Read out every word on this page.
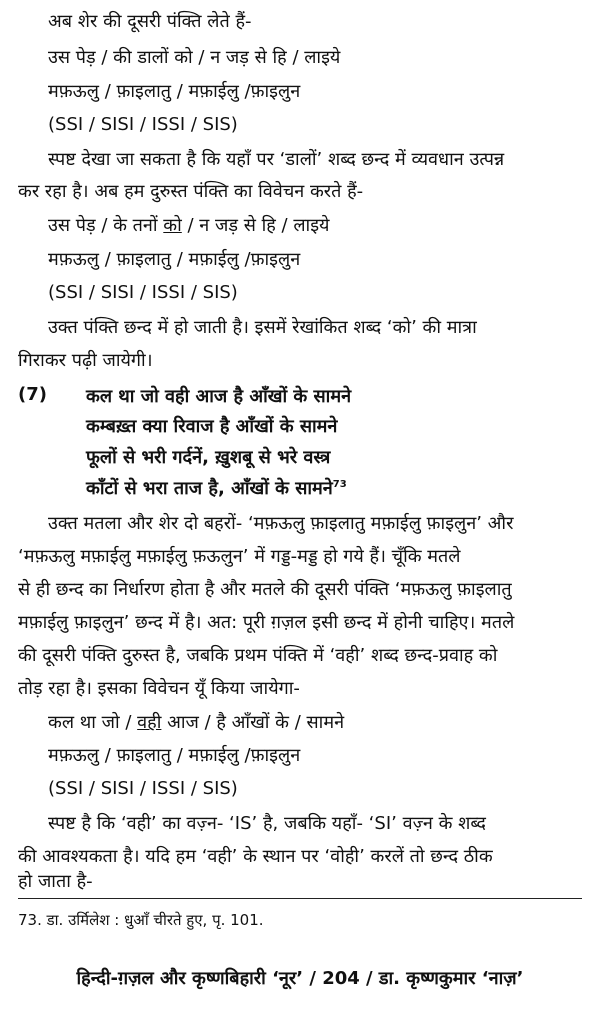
अब शेर की दूसरी पंक्ति लेते हैं-
उस पेड़ / की डालों को / न जड़ से हि / लाइये
मफ़ऊलु / फ़ाइलातु / मफ़ाईलु /फ़ाइलुन
(SSI / SISI / ISSI / SIS)
स्पष्ट देखा जा सकता है कि यहाँ पर ‘डालों’ शब्द छन्द में व्यवधान उत्पन्न
कर रहा है। अब हम दुरुस्त पंक्ति का विवेचन करते हैं-
उस पेड़ / के तनों को / न जड़ से हि / लाइये
मफ़ऊलु / फ़ाइलातु / मफ़ाईलु /फ़ाइलुन
(SSI / SISI / ISSI / SIS)
उक्त पंक्ति छन्द में हो जाती है। इसमें रेखांकित शब्द ‘को’ की मात्रा
गिराकर पढ़ी जायेगी।
(7) कल था जो वही आज है आँखों के सामने
कम्बख़्त क्या रिवाज है आँखों के सामने
फूलों से भरी गर्दनें, ख़ुशबू से भरे वस्त्र
काँटों से भरा ताज है, आँखों के सामने$^{73}$
उक्त मतला और शेर दो बहरों- ‘मफ़ऊलु फ़ाइलातु मफ़ाईलु फ़ाइलुन’ और
‘मफ़ऊलु मफ़ाईलु मफ़ाईलु फ़ऊलुन’ में गड्ड-मड्ड हो गये हैं। चूँकि मतले
से ही छन्द का निर्धारण होता है और मतले की दूसरी पंक्ति ‘मफ़ऊलु फ़ाइलातु
मफ़ाईलु फ़ाइलुन’ छन्द में है। अत: पूरी ग़ज़ल इसी छन्द में होनी चाहिए। मतले
की दूसरी पंक्ति दुरुस्त है, जबकि प्रथम पंक्ति में ‘वही’ शब्द छन्द-प्रवाह को
तोड़ रहा है। इसका विवेचन यूँ किया जायेगा-
कल था जो / वही आज / है आँखों के / सामने
मफ़ऊलु / फ़ाइलातु / मफ़ाईलु /फ़ाइलुन
(SSI / SISI / ISSI / SIS)
स्पष्ट है कि ‘वही’ का वज़्न- ‘IS’ है, जबकि यहाँ- ‘SI’ वज़्न के शब्द
की आवश्यकता है। यदि हम ‘वही’ के स्थान पर ‘वोही’ करलें तो छन्द ठीक
73. डा. उर्मिलेश : धुआँ चीरते हुए, पृ. 101.
हिन्दी-ग़ज़ल और कृष्णबिहारी ‘नूर’ / 204 / डा. कृष्णकुमार ‘नाज़’
हो जाता है-
